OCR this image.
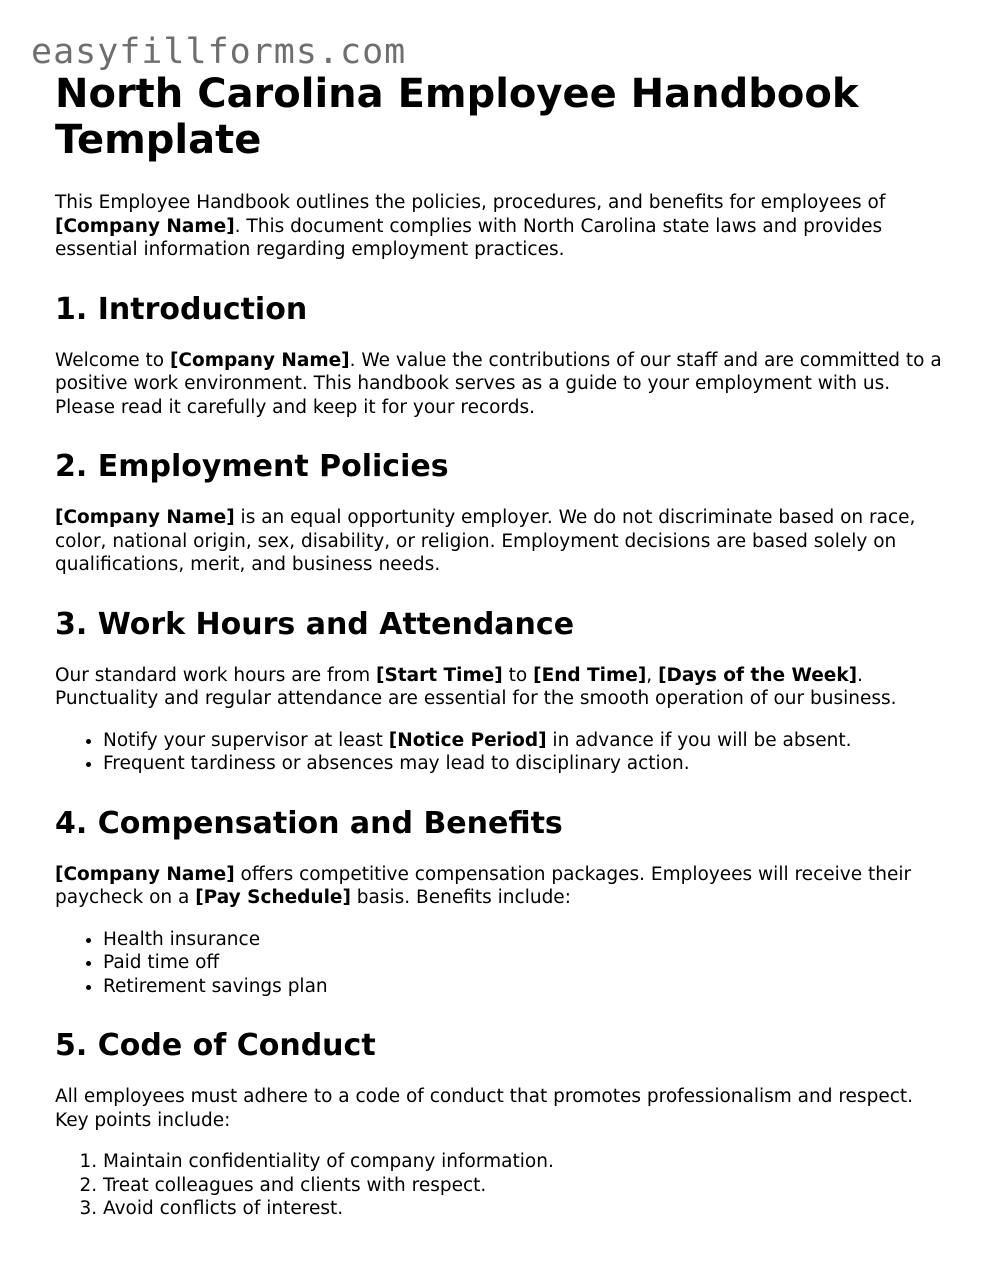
easyfillforms.com
North Carolina Employee Handbook Template

This Employee Handbook outlines the policies, procedures, and benefits for employees of [Company Name]. This document complies with North Carolina state laws and provides essential information regarding employment practices.

1. Introduction

Welcome to [Company Name]. We value the contributions of our staff and are committed to a positive work environment. This handbook serves as a guide to your employment with us. Please read it carefully and keep it for your records.

2. Employment Policies

[Company Name] is an equal opportunity employer. We do not discriminate based on race, color, national origin, sex, disability, or religion. Employment decisions are based solely on qualifications, merit, and business needs.

3. Work Hours and Attendance

Our standard work hours are from [Start Time] to [End Time], [Days of the Week]. Punctuality and regular attendance are essential for the smooth operation of our business.

• Notify your supervisor at least [Notice Period] in advance if you will be absent.
• Frequent tardiness or absences may lead to disciplinary action.
4. Compensation and Benefits

[Company Name] offers competitive compensation packages. Employees will receive their paycheck on a [Pay Schedule] basis. Benefits include:

• Health insurance
• Paid time off
• Retirement savings plan
5. Code of Conduct

All employees must adhere to a code of conduct that promotes professionalism and respect. Key points include:

1. Maintain confidentiality of company information.
2. Treat colleagues and clients with respect.
3. Avoid conflicts of interest.
